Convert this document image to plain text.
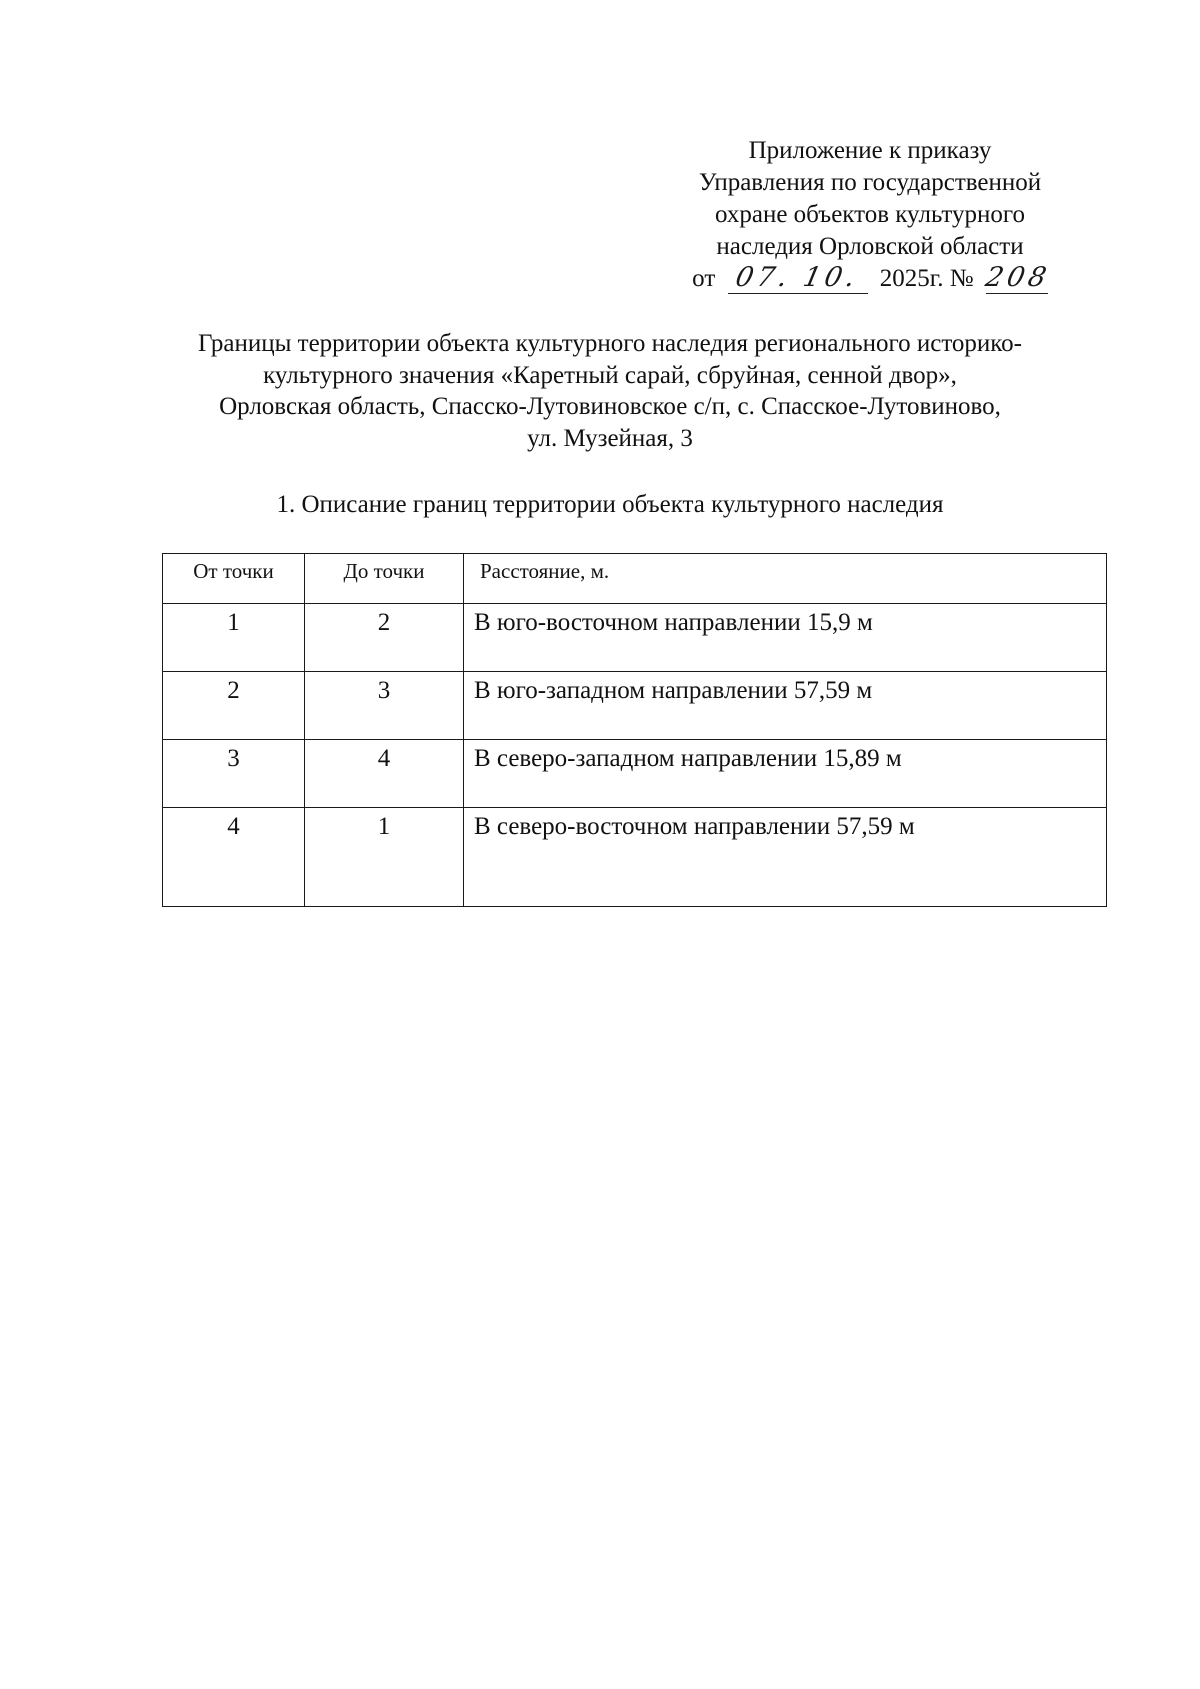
Приложение к приказу
Управления по государственной
охране объектов культурного
наследия Орловской области
от 07. 10. 2025г. № 208
Границы территории объекта культурного наследия регионального историко-
культурного значения «Каретный сарай, сбруйная, сенной двор»,
Орловская область, Спасско-Лутовиновское с/п, с. Спасское-Лутовиново,
ул. Музейная, 3
1. Описание границ территории объекта культурного наследия
От точки	До точки	Расстояние, м.
1	2	В юго-восточном направлении 15,9 м
2	3	В юго-западном направлении 57,59 м
3	4	В северо-западном направлении 15,89 м
4	1	В северо-восточном направлении 57,59 м
